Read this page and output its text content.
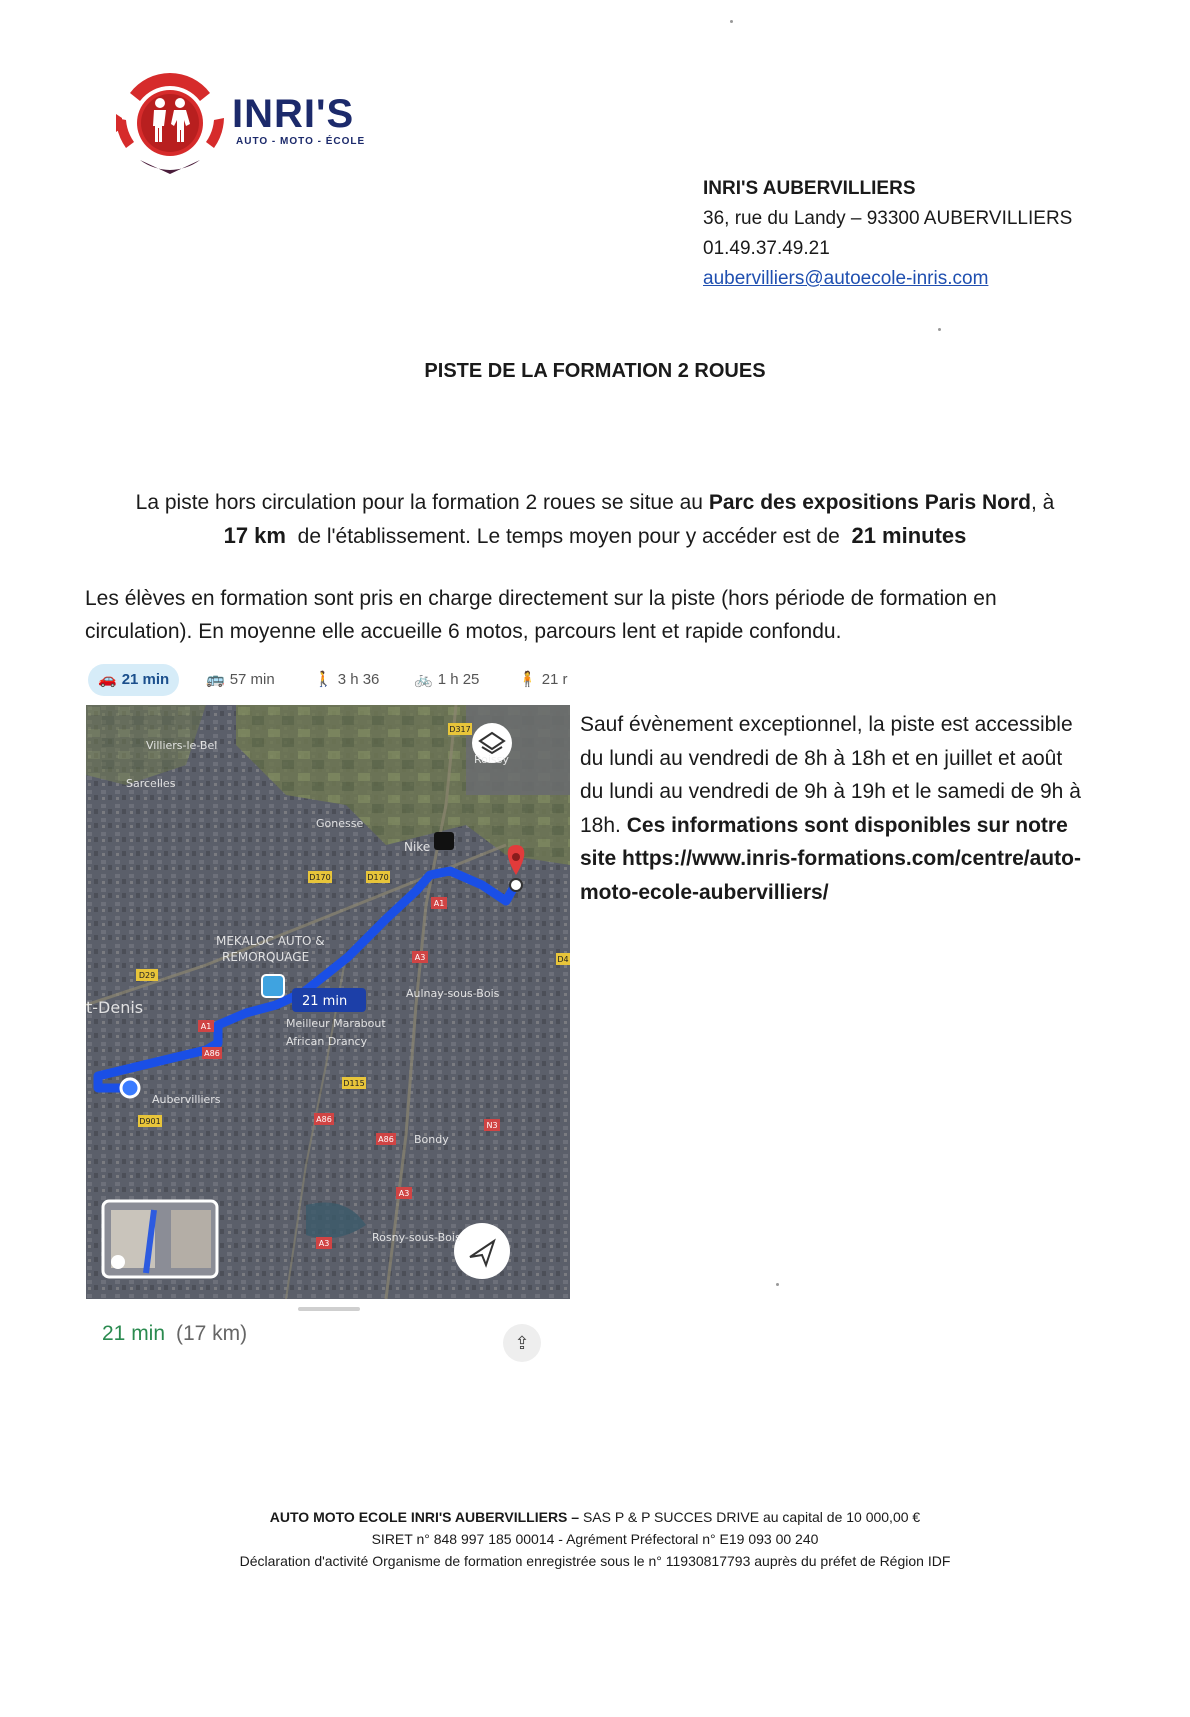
INRI'S
AUTO - MOTO - ÉCOLE
INRI'S AUBERVILLIERS
36, rue du Landy – 93300 AUBERVILLIERS
01.49.37.49.21
aubervilliers@autoecole-inris.com
PISTE DE LA FORMATION 2 ROUES
La piste hors circulation pour la formation 2 roues se situe au Parc des expositions Paris Nord, à
17 km de l'établissement. Le temps moyen pour y accéder est de 21 minutes
Les élèves en formation sont pris en charge directement sur la piste (hors période de formation en circulation). En moyenne elle accueille 6 motos, parcours lent et rapide confondu.
🚗 21 min 🚌 57 min	🚶 3 h 36 🚲 1 h 25	🧍 21 r
21 min
Villiers-le-Bel
Sarcelles
Roissy
Gonesse
Nike
MEKALOC AUTO &
REMORQUAGE
t-Denis
Aulnay-sous-Bois
Meilleur Marabout
African Drancy
Aubervilliers
Bondy
Rosny-sous-Bois
D317
D170	D170
A1
A3
D29
A1
A86
D115
A86
D901
A86
N3
A3
A3
D4
21 min (17 km)	⇪
Sauf évènement exceptionnel, la piste est accessible du lundi au vendredi de 8h à 18h et en juillet et août du lundi au vendredi de 9h à 19h et le samedi de 9h à 18h. Ces informations sont disponibles sur notre site https://www.inris-formations.com/centre/auto-moto-ecole-aubervilliers/
AUTO MOTO ECOLE INRI'S AUBERVILLIERS – SAS P & P SUCCES DRIVE au capital de 10 000,00 €
SIRET n° 848 997 185 00014 - Agrément Préfectoral n° E19 093 00 240
Déclaration d'activité Organisme de formation enregistrée sous le n° 11930817793 auprès du préfet de Région IDF
